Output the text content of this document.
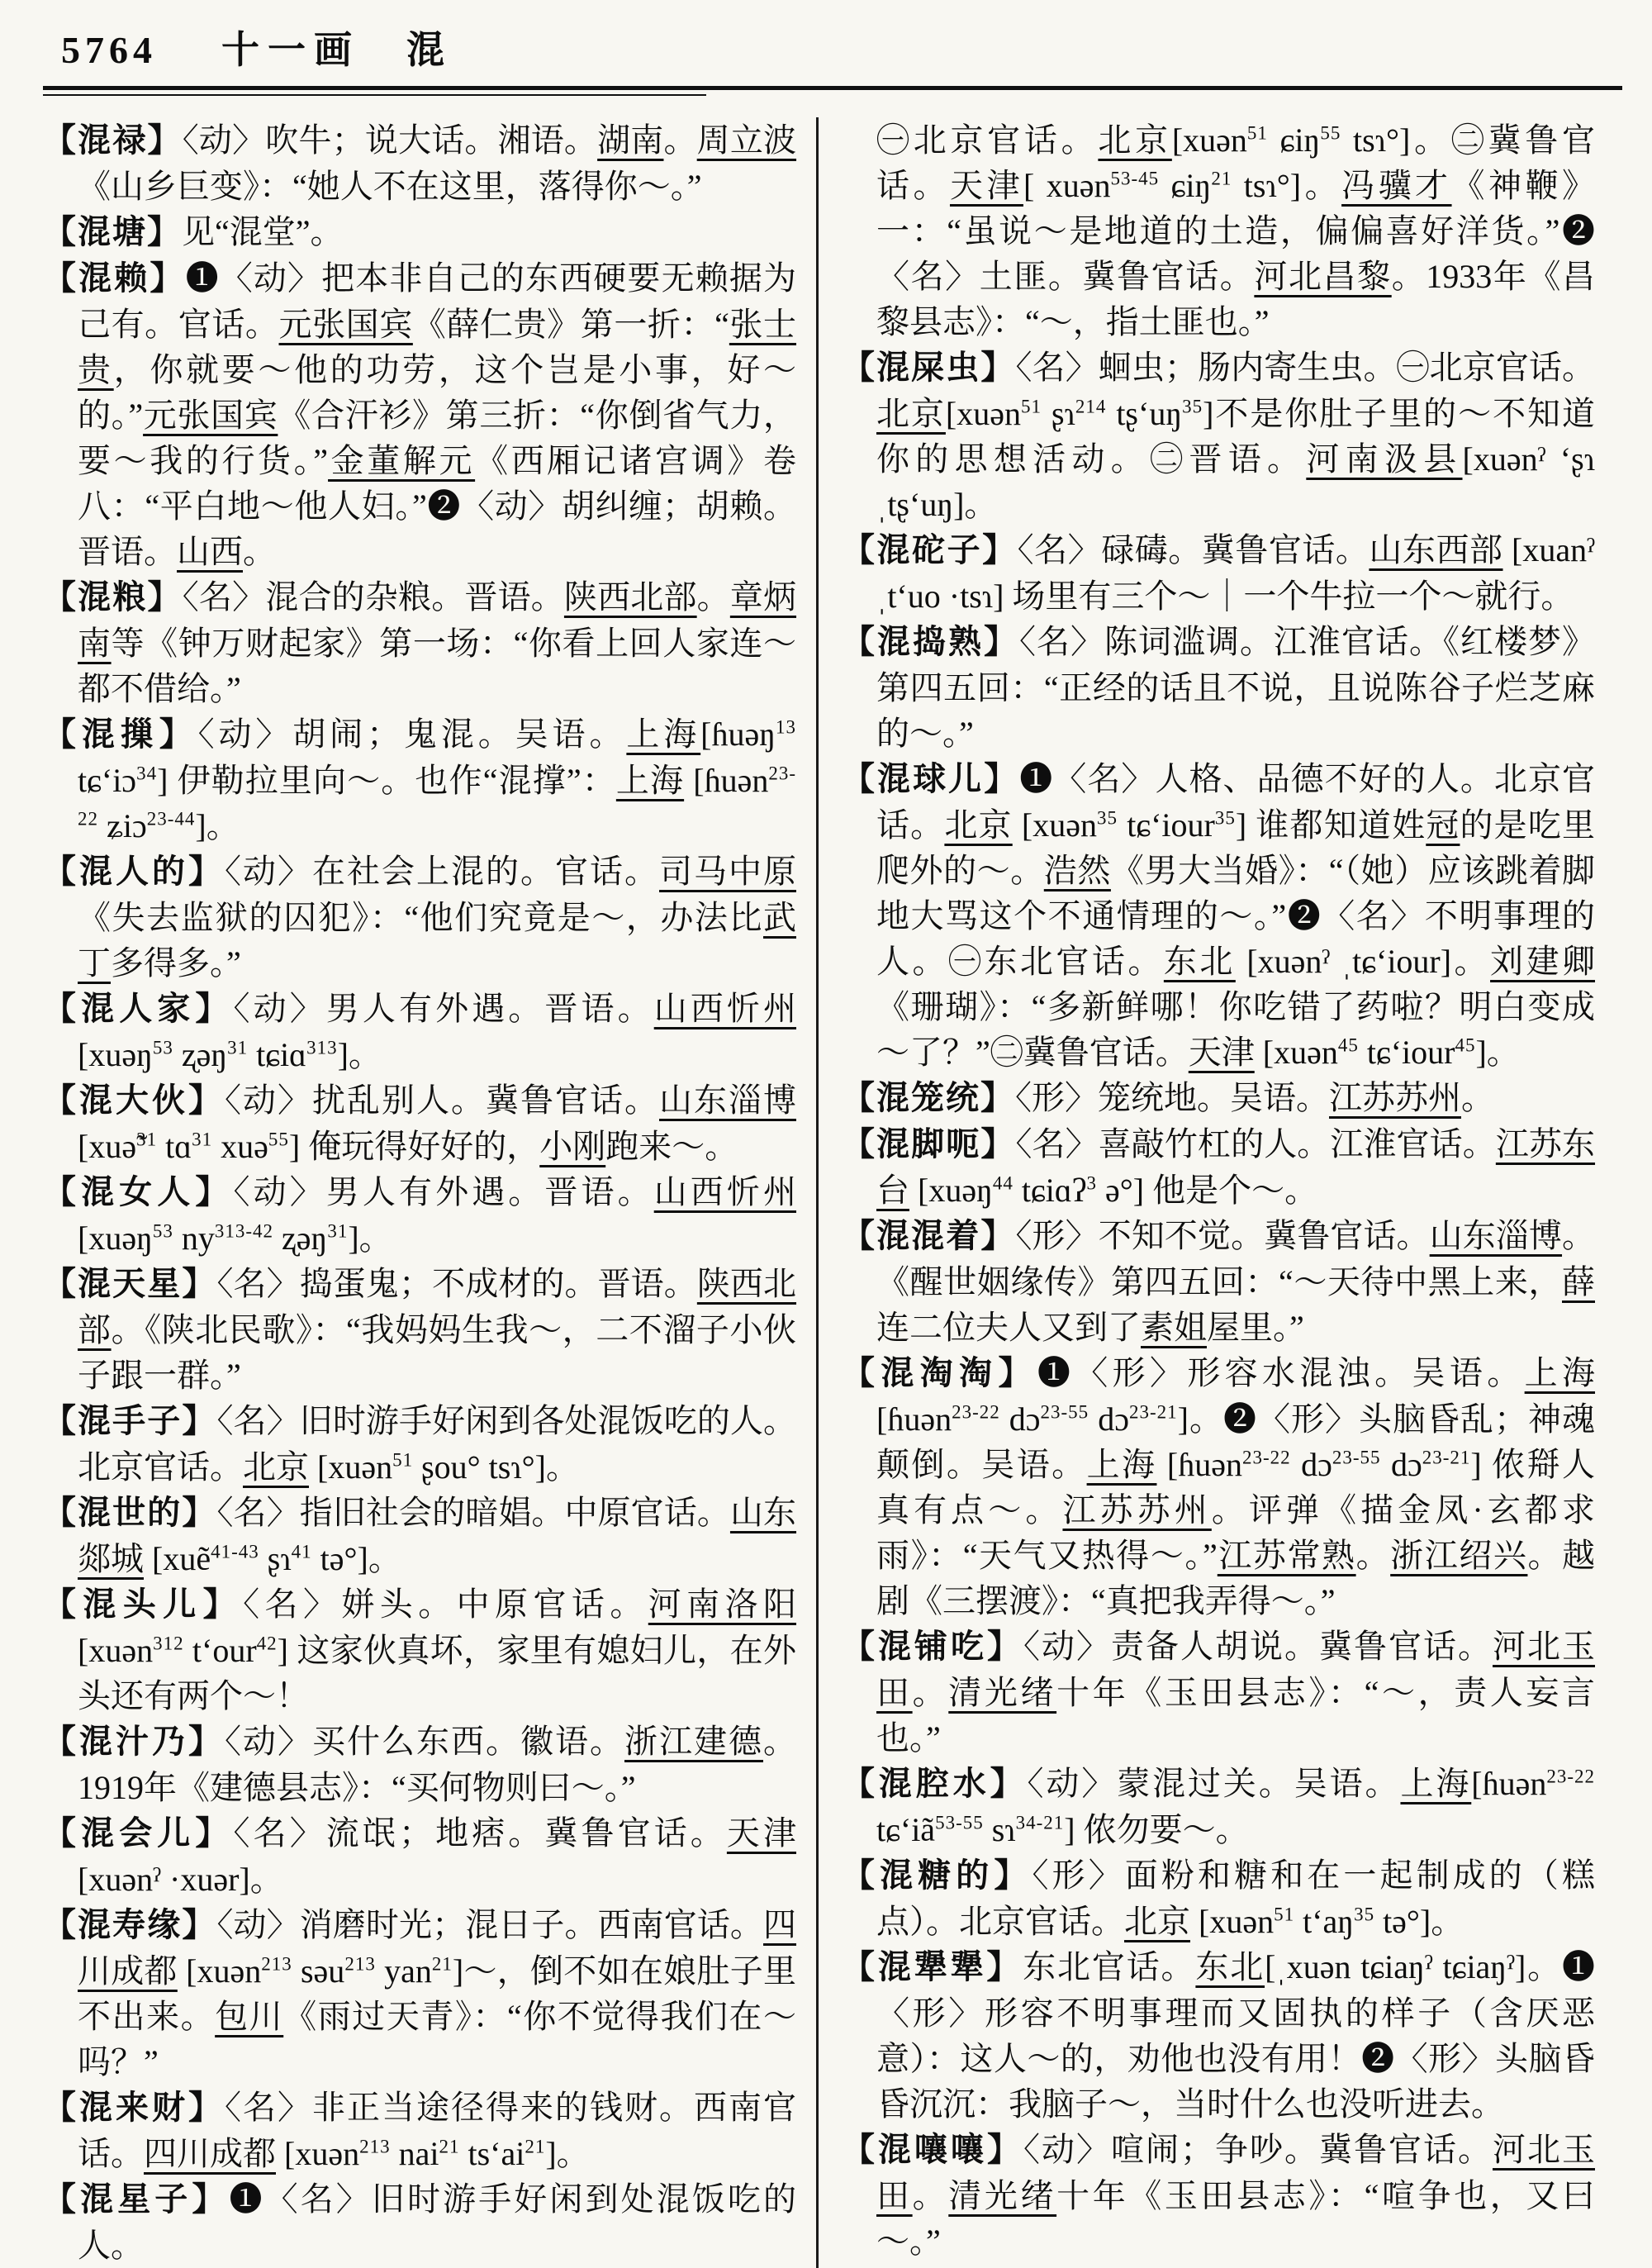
5764 十一画  混
【混禄】〈动〉吹牛；说大话。湘语。湖南。周立波《山乡巨变》：“她人不在这里，落得你～。”
【混塘】见“混堂”。
【混赖】❶〈动〉把本非自己的东西硬要无赖据为己有。官话。元张国宾《薛仁贵》第一折：“张士贵，你就要～他的功劳，这个岂是小事，好～的。”元张国宾《合汗衫》第三折：“你倒省气力，要～我的行货。”金董解元《西厢记诸宫调》卷八：“平白地～他人妇。”❷〈动〉胡纠缠；胡赖。晋语。山西。
【混粮】〈名〉混合的杂粮。晋语。陕西北部。章炳南等《钟万财起家》第一场：“你看上回人家连～都不借给。”
【混摷】〈动〉胡闹；鬼混。吴语。上海[ɦuəŋ$^{13}$ tɕʻiɔ$^{34}$] 伊勒拉里向～。也作“混撑”：上海 [ɦuən$^{23-22}$ ʑiɔ$^{23-44}$]。
【混人的】〈动〉在社会上混的。官话。司马中原《失去监狱的囚犯》：“他们究竟是～，办法比武丁多得多。”
【混人家】〈动〉男人有外遇。晋语。山西忻州 [xuəŋ$^{53}$ ʐəŋ$^{31}$ tɕiɑ$^{313}$]。
【混大伙】〈动〉扰乱别人。冀鲁官话。山东淄博[xuə̃$^{31}$ tɑ$^{31}$ xuə$^{55}$] 俺玩得好好的，小刚跑来～。
【混女人】〈动〉男人有外遇。晋语。山西忻州 [xuəŋ$^{53}$ $ny^{313-42}$ ʐəŋ$^{31}$]。
【混天星】〈名〉捣蛋鬼；不成材的。晋语。陕西北部。《陕北民歌》：“我妈妈生我～，二不溜子小伙子跟一群。”
【混手子】〈名〉旧时游手好闲到各处混饭吃的人。北京官话。北京 [xuən$^{51}$ ʂou° tsɿ°]。
【混世的】〈名〉指旧社会的暗娼。中原官话。山东郯城 [xuẽ$^{41-43}$ ʂɿ$^{41}$ tə°]。
【混头儿】〈名〉姘头。中原官话。河南洛阳[xuən$^{312}$ tʻour$^{42}$] 这家伙真坏，家里有媳妇儿，在外头还有两个～！
【混汁乃】〈动〉买什么东西。徽语。浙江建德。1919年《建德县志》：“买何物则曰～。”
【混会儿】〈名〉流氓；地痞。冀鲁官话。天津 [xuənˀ ·xuər]。
【混寿缘】〈动〉消磨时光；混日子。西南官话。四川成都 [xuən$^{213}$ səu$^{213}$ yan$^{21}$]～，倒不如在娘肚子里不出来。包川《雨过天青》：“你不觉得我们在～吗？”
【混来财】〈名〉非正当途径得来的钱财。西南官话。四川成都 [xuən$^{213}$ nai$^{21}$ tsʻai$^{21}$]。
【混星子】❶〈名〉旧时游手好闲到处混饭吃的人。
㊀北京官话。北京[xuən$^{51}$ ɕiŋ$^{55}$ tsɿ°]。㊁冀鲁官话。天津[ xuən$^{53-45}$ ɕiŋ$^{21}$ tsɿ°]。冯骥才《神鞭》一：“虽说～是地道的土造，偏偏喜好洋货。”❷〈名〉土匪。冀鲁官话。河北昌黎。1933年《昌黎县志》：“～，指土匪也。”
【混屎虫】〈名〉蛔虫；肠内寄生虫。㊀北京官话。北京[xuən$^{51}$ ʂɿ$^{214}$ tʂʻuŋ$^{35}$]不是你肚子里的～不知道你的思想活动。㊁晋语。河南汲县[xuənˀ ʻʂɿ ˌtʂʻuŋ]。
【混砣子】〈名〉碌碡。冀鲁官话。山东西部 [xuanˀ ˌtʻuo ·tsɿ] 场里有三个～｜一个牛拉一个～就行。
【混捣熟】〈名〉陈词滥调。江淮官话。《红楼梦》第四五回：“正经的话且不说，且说陈谷子烂芝麻的～。”
【混球儿】❶〈名〉人格、品德不好的人。北京官话。北京 [xuən$^{35}$ tɕʻiour$^{35}$] 谁都知道姓冠的是吃里爬外的～。浩然《男大当婚》：“（她）应该跳着脚地大骂这个不通情理的～。”❷〈名〉不明事理的人。㊀东北官话。东北 [xuənˀ ˌtɕʻiour]。刘建卿《珊瑚》：“多新鲜哪！你吃错了药啦？明白变成～了？”㊁冀鲁官话。天津 [xuən$^{45}$ tɕʻiour$^{45}$]。
【混笼统】〈形〉笼统地。吴语。江苏苏州。
【混脚呃】〈名〉喜敲竹杠的人。江淮官话。江苏东台 [xuəŋ$^{44}$ tɕiɑʔ$^3$ ə°] 他是个～。
【混混着】〈形〉不知不觉。冀鲁官话。山东淄博。《醒世姻缘传》第四五回：“～天待中黑上来，薛连二位夫人又到了素姐屋里。”
【混淘淘】❶〈形〉形容水混浊。吴语。上海[ɦuən$^{23-22}$ dɔ$^{23-55}$ dɔ$^{23-21}$]。❷〈形〉头脑昏乱；神魂颠倒。吴语。上海 [ɦuən$^{23-22}$ dɔ$^{23-55}$ dɔ$^{23-21}$] 侬搿人真有点～。江苏苏州。评弹《描金凤·玄都求雨》：“天气又热得～。”江苏常熟。浙江绍兴。越剧《三摆渡》：“真把我弄得～。”
【混铺吃】〈动〉责备人胡说。冀鲁官话。河北玉田。清光绪十年《玉田县志》：“～，责人妄言也。”
【混腔水】〈动〉蒙混过关。吴语。上海[ɦuən$^{23-22}$ tɕʻiã$^{53-55}$ sɿ$^{34-21}$] 侬勿要～。
【混糖的】〈形〉面粉和糖和在一起制成的（糕点）。北京官话。北京 [xuən$^{51}$ tʻaŋ$^{35}$ tə°]。
【混犟犟】东北官话。东北[ˌxuən tɕiaŋˀ tɕiaŋˀ]。❶〈形〉形容不明事理而又固执的样子（含厌恶意）：这人～的，劝他也没有用！❷〈形〉头脑昏昏沉沉：我脑子～，当时什么也没听进去。
【混嚷嚷】〈动〉喧闹；争吵。冀鲁官话。河北玉田。清光绪十年《玉田县志》：“喧争也，又曰～。”
